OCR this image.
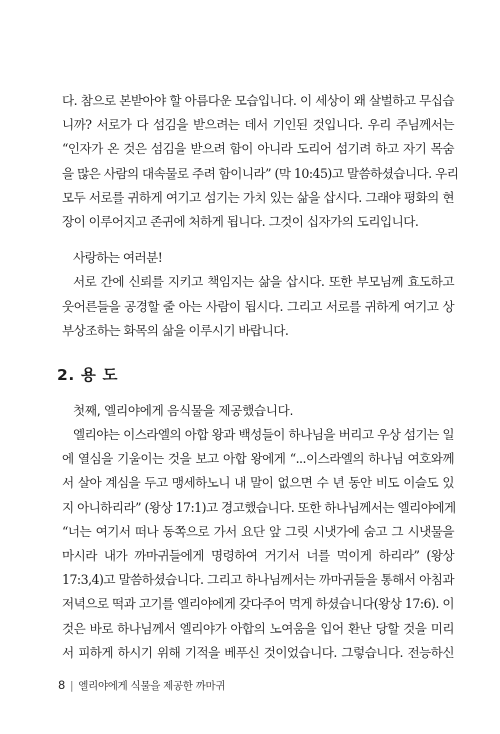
다. 참으로 본받아야 할 아름다운 모습입니다. 이 세상이 왜 살벌하고 무십습
니까? 서로가 다 섬김을 받으려는 데서 기인된 것입니다. 우리 주님께서는
“인자가 온 것은 섬김을 받으려 함이 아니라 도리어 섬기려 하고 자기 목숨
을 많은 사람의 대속물로 주려 함이니라” (막 10:45)고 말씀하셨습니다. 우리
모두 서로를 귀하게 여기고 섬기는 가치 있는 삶을 삽시다. 그래야 평화의 현
장이 이루어지고 존귀에 처하게 됩니다. 그것이 십자가의 도리입니다.
사랑하는 여러분!
서로 간에 신뢰를 지키고 책임지는 삶을 삽시다. 또한 부모님께 효도하고
웃어른들을 공경할 줄 아는 사람이 됩시다. 그리고 서로를 귀하게 여기고 상
부상조하는 화목의 삶을 이루시기 바랍니다.
2. 용 도
첫째, 엘리야에게 음식물을 제공했습니다.
엘리야는 이스라엘의 아합 왕과 백성들이 하나님을 버리고 우상 섬기는 일
에 열심을 기울이는 것을 보고 아합 왕에게 “...이스라엘의 하나님 여호와께
서 살아 계심을 두고 맹세하노니 내 말이 없으면 수 년 동안 비도 이슬도 있
지 아니하리라” (왕상 17:1)고 경고했습니다. 또한 하나님께서는 엘리야에게
“너는 여기서 떠나 동쪽으로 가서 요단 앞 그릿 시냇가에 숨고 그 시냇물을
마시라 내가 까마귀들에게 명령하여 거기서 너를 먹이게 하리라” (왕상
17:3,4)고 말씀하셨습니다. 그리고 하나님께서는 까마귀들을 통해서 아침과
저녁으로 떡과 고기를 엘리야에게 갖다주어 먹게 하셨습니다(왕상 17:6). 이
것은 바로 하나님께서 엘리야가 아합의 노여움을 입어 환난 당할 것을 미리
서 피하게 하시기 위해 기적을 베푸신 것이었습니다. 그렇습니다. 전능하신
8 | 엘리야에게 식물을 제공한 까마귀
